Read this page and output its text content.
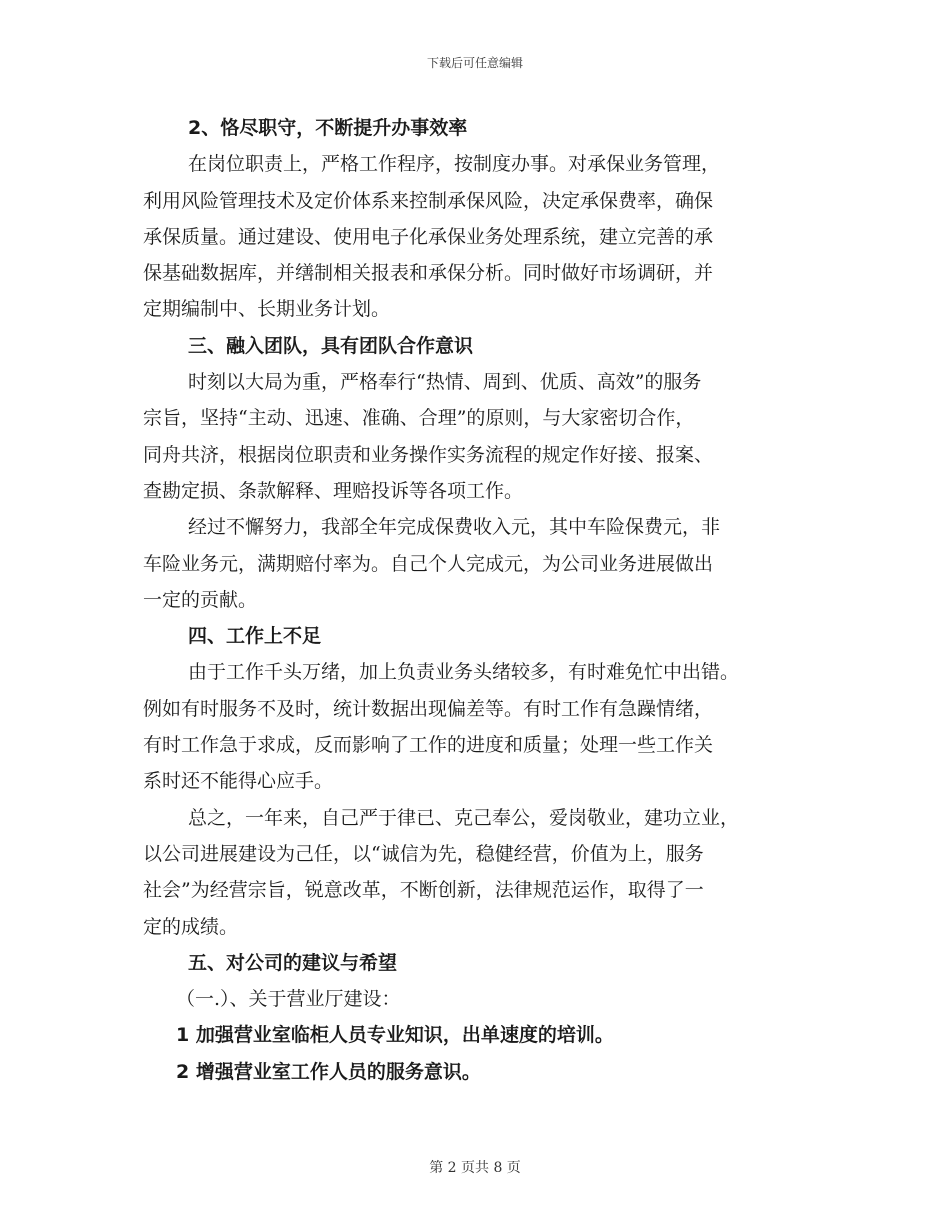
下载后可任意编辑
2、恪尽职守，不断提升办事效率
在岗位职责上，严格工作程序，按制度办事。对承保业务管理，
利用风险管理技术及定价体系来控制承保风险，决定承保费率，确保
承保质量。通过建设、使用电子化承保业务处理系统，建立完善的承
保基础数据库，并缮制相关报表和承保分析。同时做好市场调研，并
定期编制中、长期业务计划。
三、融入团队，具有团队合作意识
时刻以大局为重，严格奉行“热情、周到、优质、高效”的服务
宗旨，坚持“主动、迅速、准确、合理”的原则，与大家密切合作，
同舟共济，根据岗位职责和业务操作实务流程的规定作好接、报案、
查勘定损、条款解释、理赔投诉等各项工作。
经过不懈努力，我部全年完成保费收入元，其中车险保费元，非
车险业务元，满期赔付率为。自己个人完成元，为公司业务进展做出
一定的贡献。
四、工作上不足
由于工作千头万绪，加上负责业务头绪较多，有时难免忙中出错。
例如有时服务不及时，统计数据出现偏差等。有时工作有急躁情绪，
有时工作急于求成，反而影响了工作的进度和质量；处理一些工作关
系时还不能得心应手。
总之，一年来，自己严于律已、克己奉公，爱岗敬业，建功立业，
以公司进展建设为己任，以“诚信为先，稳健经营，价值为上，服务
社会”为经营宗旨，锐意改革，不断创新，法律规范运作，取得了一
定的成绩。
五、对公司的建议与希望
（一.）、关于营业厅建设：
1 加强营业室临柜人员专业知识，出单速度的培训。
2 增强营业室工作人员的服务意识。
第 2 页共 8 页
